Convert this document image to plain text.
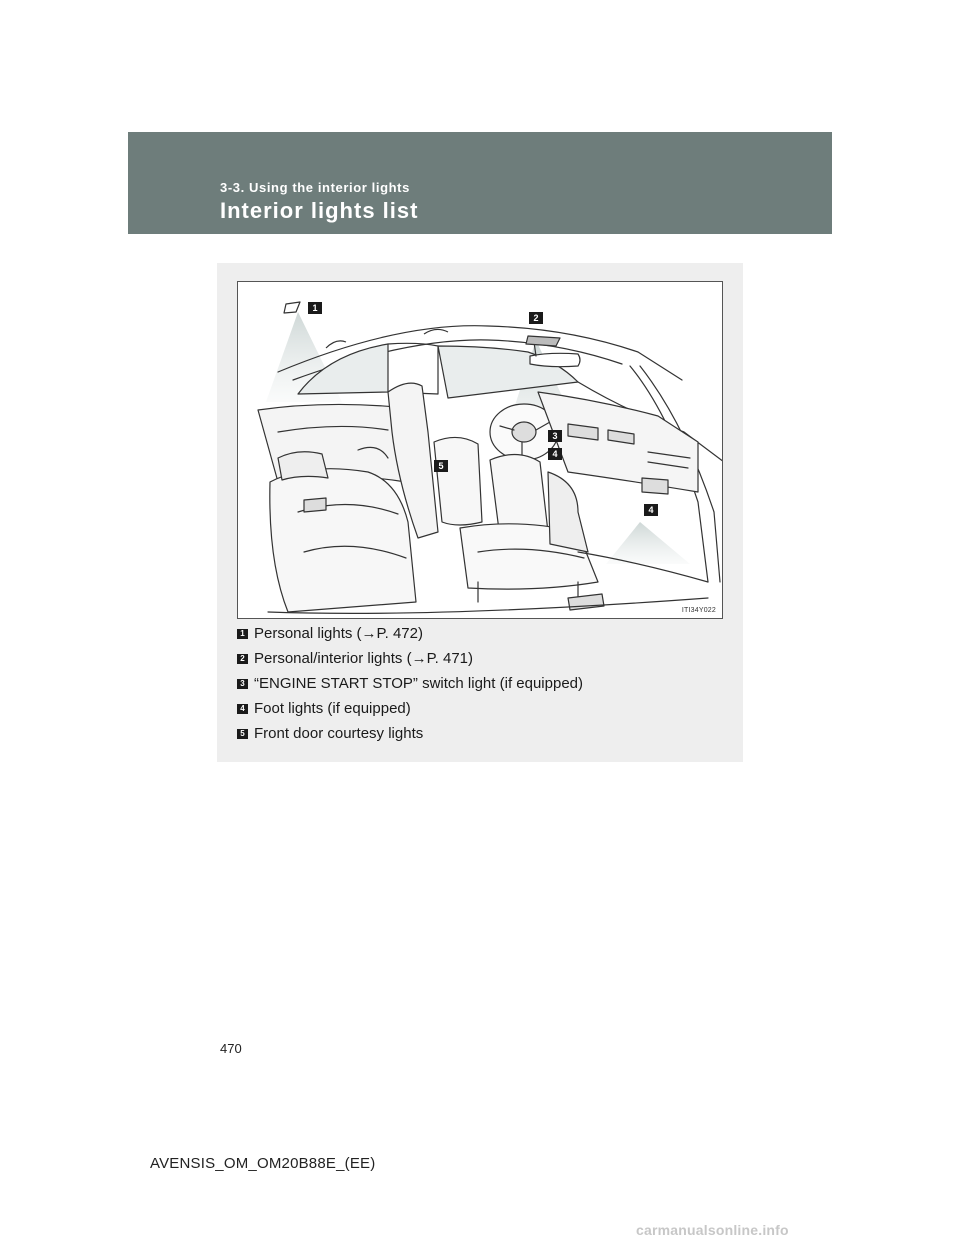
3-3. Using the interior lights
Interior lights list
1
2
3
4
5
4
ITI34Y022
1 Personal lights (→P. 472)
2 Personal/interior lights (→P. 471)
3 “ENGINE START STOP” switch light (if equipped)
4 Foot lights (if equipped)
5 Front door courtesy lights
470
AVENSIS_OM_OM20B88E_(EE)
carmanualsonline.info
